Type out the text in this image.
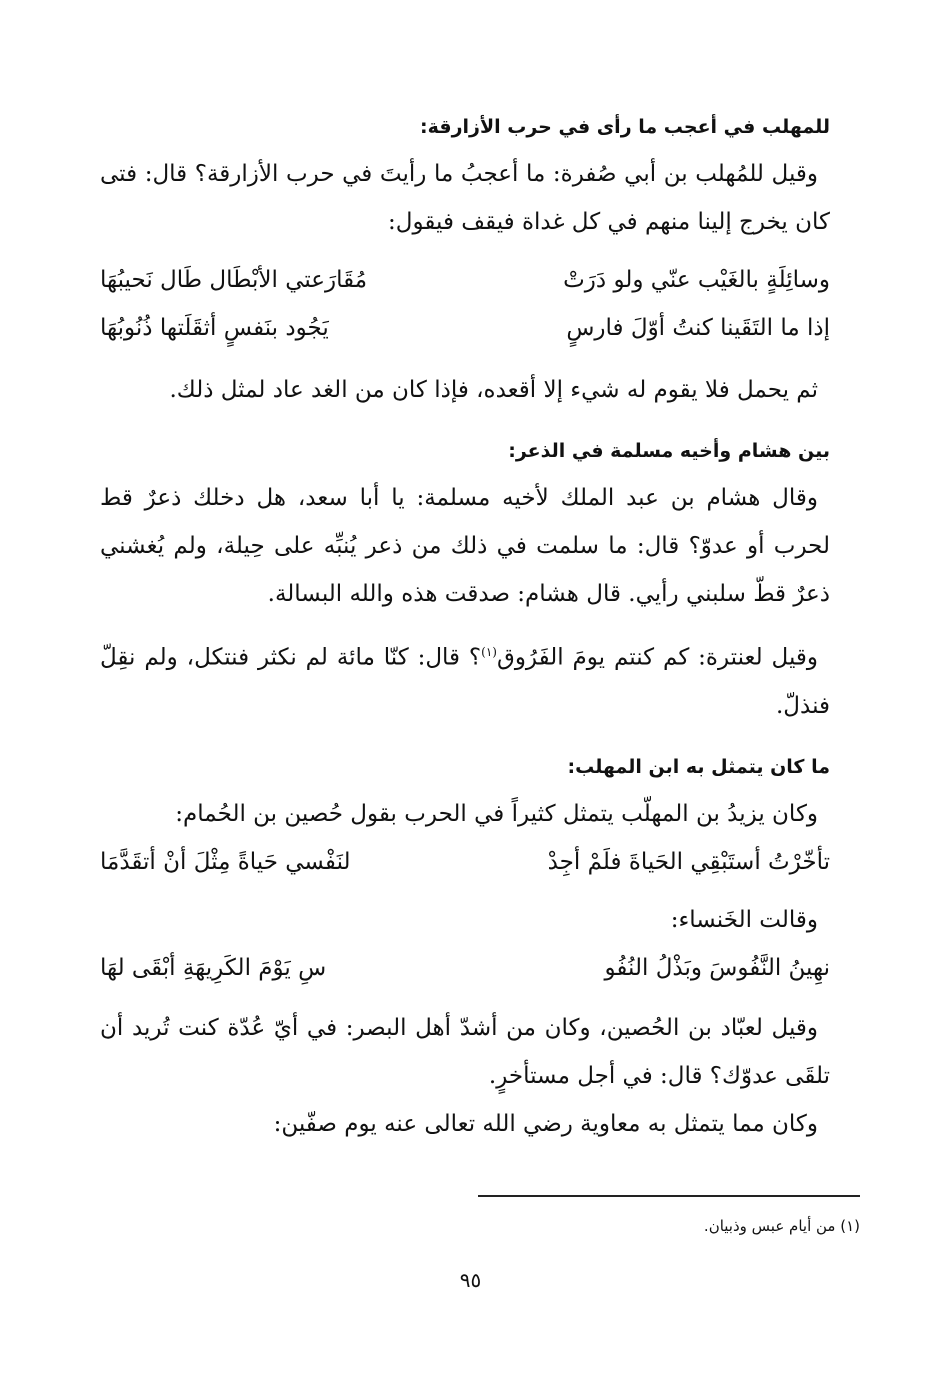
للمهلب في أعجب ما رأى في حرب الأزارقة:

وقيل للمُهلب بن أبي صُفرة: ما أعجبُ ما رأيتَ في حرب الأزارقة؟ قال: فتى كان يخرج إلينا منهم في كل غداة فيقف فيقول:

وسائِلَةٍ بالغَيْب عنّي ولو دَرَتْ
مُقَارَعتي الأبْطَال طَال نَحيبُهَا
إذا ما التَقَينا كنتُ أوّلَ فارسٍ
يَجُود بنَفسٍ أثقَلَتها ذُنُوبُهَا

ثم يحمل فلا يقوم له شيء إلا أقعده، فإذا كان من الغد عاد لمثل ذلك.

بين هشام وأخيه مسلمة في الذعر:

وقال هشام بن عبد الملك لأخيه مسلمة: يا أبا سعد، هل دخلك ذعرٌ قط لحرب أو عدوّ؟ قال: ما سلمت في ذلك من ذعر يُنبِّه على حِيلة، ولم يُغشني ذعرٌ قطّ سلبني رأيي. قال هشام: صدقت هذه والله البسالة.

وقيل لعنترة: كم كنتم يومَ الفَرُوق$^{(١)}$؟ قال: كنّا مائة لم نكثر فنتكل، ولم نقِلّ فنذلّ.

ما كان يتمثل به ابن المهلب:

وكان يزيدُ بن المهلّب يتمثل كثيراً في الحرب بقول حُصين بن الحُمام:

تأخّرْتُ أستَبْقِي الحَياةَ فلَمْ أجِدْ
لنَفْسي حَياةً مِثْلَ أنْ أتقَدَّمَا

وقالت الخَنساء:

نهِينُ النَّفُوسَ وبَذْلُ النُفُو
سِ يَوْمَ الكَرِيهَةِ أبْقَى لهَا

وقيل لعبّاد بن الحُصين، وكان من أشدّ أهل البصر: في أيّ عُدّة كنت تُريد أن تلقَى عدوّك؟ قال: في أجل مستأخرٍ.

وكان مما يتمثل به معاوية رضي الله تعالى عنه يوم صفّين:

(١) من أيام عبس وذبيان.
٩٥
